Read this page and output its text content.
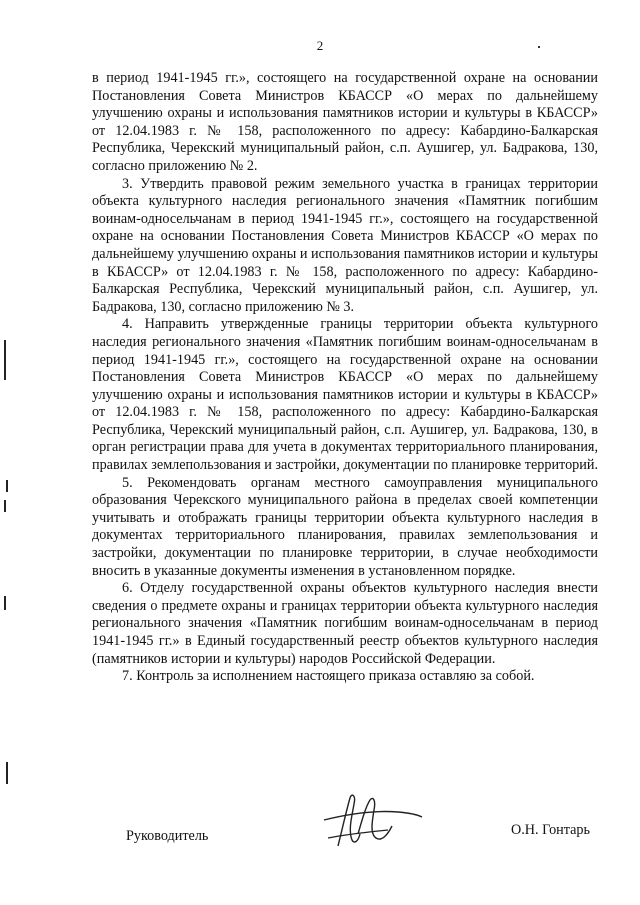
2

в период 1941-1945 гг.», состоящего на государственной охране на основании Постановления Совета Министров КБАССР «О мерах по дальнейшему улучшению охраны и использования памятников истории и культуры в КБАССР» от 12.04.1983 г. № 158, расположенного по адресу: Кабардино-Балкарская Республика, Черекский муниципальный район, с.п. Аушигер, ул. Бадракова, 130, согласно приложению № 2.

3. Утвердить правовой режим земельного участка в границах территории объекта культурного наследия регионального значения «Памятник погибшим воинам-односельчанам в период 1941-1945 гг.», состоящего на государственной охране на основании Постановления Совета Министров КБАССР «О мерах по дальнейшему улучшению охраны и использования памятников истории и культуры в КБАССР» от 12.04.1983 г. № 158, расположенного по адресу: Кабардино-Балкарская Республика, Черекский муниципальный район, с.п. Аушигер, ул. Бадракова, 130, согласно приложению № 3.

4. Направить утвержденные границы территории объекта культурного наследия регионального значения «Памятник погибшим воинам-односельчанам в период 1941-1945 гг.», состоящего на государственной охране на основании Постановления Совета Министров КБАССР «О мерах по дальнейшему улучшению охраны и использования памятников истории и культуры в КБАССР» от 12.04.1983 г. № 158, расположенного по адресу: Кабардино-Балкарская Республика, Черекский муниципальный район, с.п. Аушигер, ул. Бадракова, 130, в орган регистрации права для учета в документах территориального планирования, правилах землепользования и застройки, документации по планировке территорий.

5. Рекомендовать органам местного самоуправления муниципального образования Черекского муниципального района в пределах своей компетенции учитывать и отображать границы территории объекта культурного наследия в документах территориального планирования, правилах землепользования и застройки, документации по планировке территории, в случае необходимости вносить в указанные документы изменения в установленном порядке.

6. Отделу государственной охраны объектов культурного наследия внести сведения о предмете охраны и границах территории объекта культурного наследия регионального значения «Памятник погибшим воинам-односельчанам в период 1941-1945 гг.» в Единый государственный реестр объектов культурного наследия (памятников истории и культуры) народов Российской Федерации.

7. Контроль за исполнением настоящего приказа оставляю за собой.

Руководитель	О.Н. Гонтарь
